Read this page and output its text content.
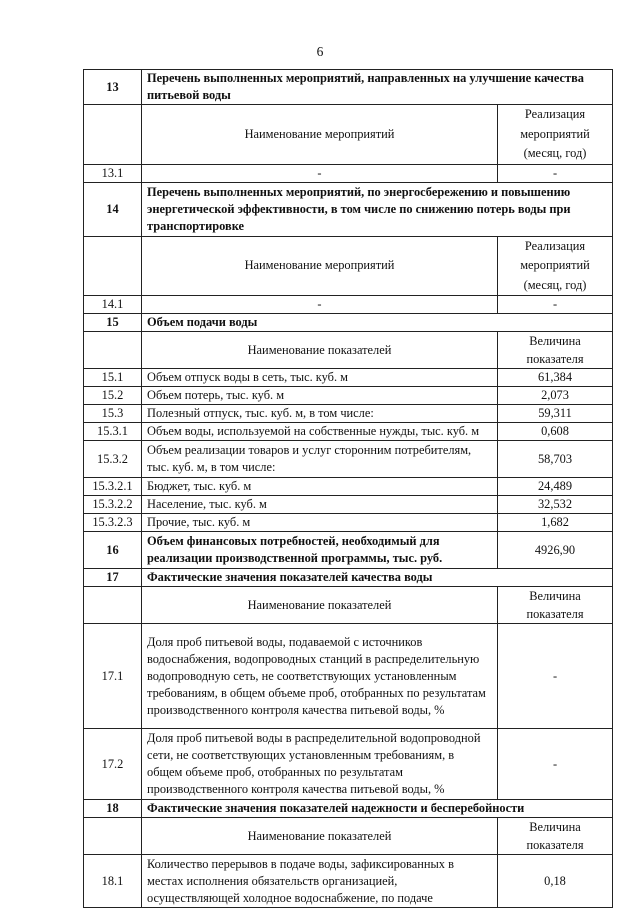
6
13	Перечень выполненных мероприятий, направленных на улучшение качества питьевой воды	
	Наименование мероприятий	Реализация мероприятий (месяц, год)
13.1	-	-
14	Перечень выполненных мероприятий, по энергосбережению и повышению энергетической эффективности, в том числе по снижению потерь воды при транспортировке	
	Наименование мероприятий	Реализация мероприятий (месяц, год)
14.1	-	-
15	Объем подачи воды	
	Наименование показателей	Величина показателя
15.1	Объем отпуск воды в сеть, тыс. куб. м	61,384
15.2	Объем потерь, тыс. куб. м	2,073
15.3	Полезный отпуск, тыс. куб. м, в том числе:	59,311
15.3.1	Объем воды, используемой на собственные нужды, тыс. куб. м	0,608
15.3.2	Объем реализации товаров и услуг сторонним потребителям, тыс. куб. м, в том числе:	58,703
15.3.2.1	Бюджет, тыс. куб. м	24,489
15.3.2.2	Население, тыс. куб. м	32,532
15.3.2.3	Прочие, тыс. куб. м	1,682
16	Объем финансовых потребностей, необходимый для реализации производственной программы, тыс. руб.	4926,90
17	Фактические значения показателей качества воды	
	Наименование показателей	Величина показателя
17.1	Доля проб питьевой воды, подаваемой с источников водоснабжения, водопроводных станций в распределительную водопроводную сеть, не соответствующих установленным требованиям, в общем объеме проб, отобранных по результатам производственного контроля качества питьевой воды, %	-
17.2	Доля проб питьевой воды в распределительной водопроводной сети, не соответствующих установленным требованиям, в общем объеме проб, отобранных по результатам производственного контроля качества питьевой воды, %	-
18	Фактические значения показателей надежности и бесперебойности	
	Наименование показателей	Величина показателя
18.1	Количество перерывов в подаче воды, зафиксированных в местах исполнения обязательств организацией, осуществляющей холодное водоснабжение, по подаче	0,18
